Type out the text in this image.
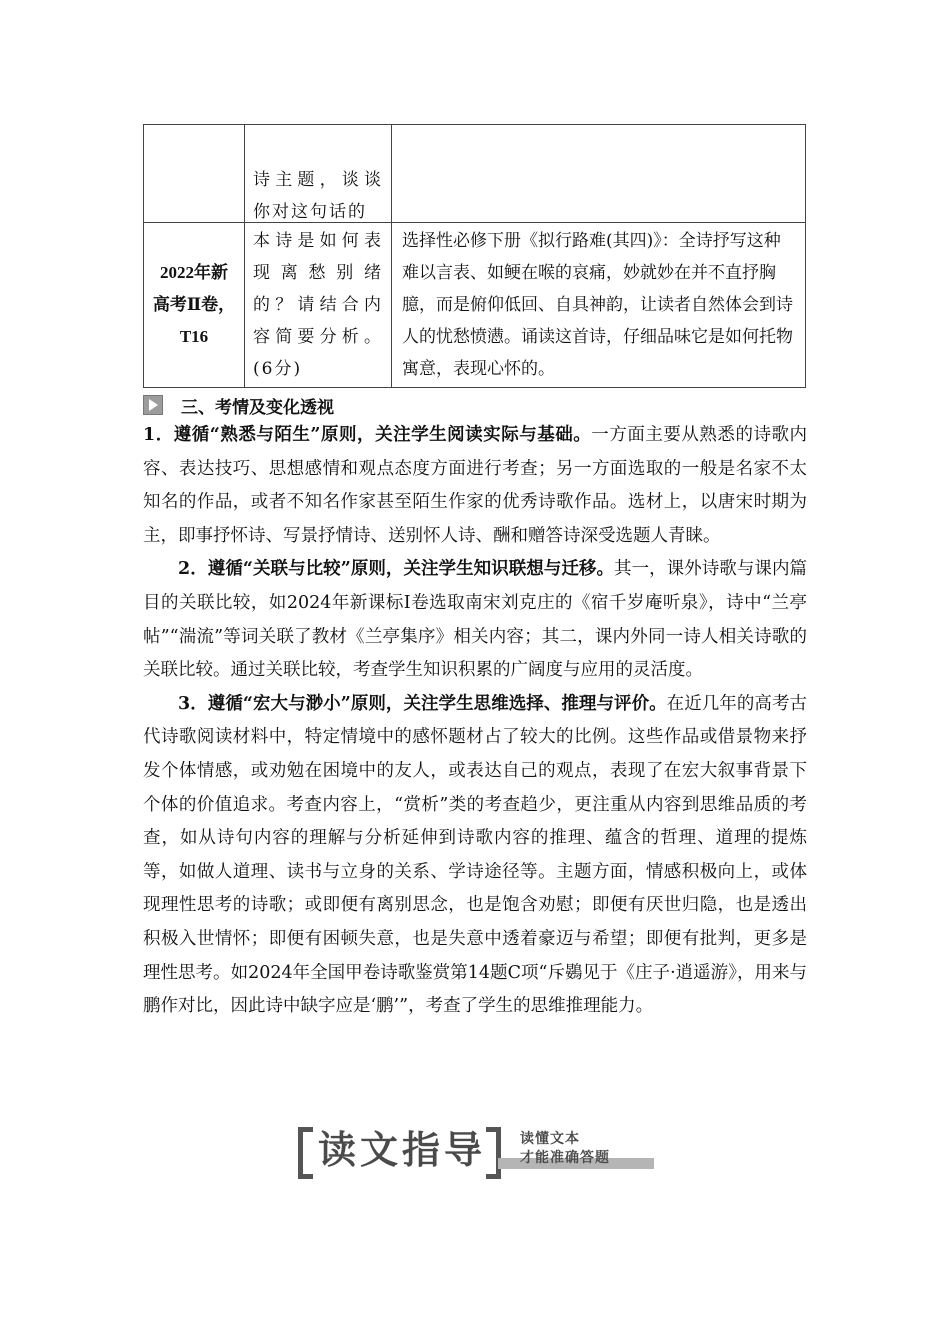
	诗主题，谈谈你对这句话的	

2022年新高考Ⅱ卷，T16	本诗是如何表现离愁别绪的？请结合内容简要分析。(6分)	选择性必修下册《拟行路难(其四)》：全诗抒写这种难以言表、如鲠在喉的哀痛，妙就妙在并不直抒胸臆，而是俯仰低回、自具神韵，让读者自然体会到诗人的忧愁愤懑。诵读这首诗，仔细品味它是如何托物寓意，表现心怀的。
三、考情及变化透视

1．遵循“熟悉与陌生”原则，关注学生阅读实际与基础。一方面主要从熟悉的诗歌内容、表达技巧、思想感情和观点态度方面进行考查；另一方面选取的一般是名家不太知名的作品，或者不知名作家甚至陌生作家的优秀诗歌作品。选材上，以唐宋时期为主，即事抒怀诗、写景抒情诗、送别怀人诗、酬和赠答诗深受选题人青睐。

2．遵循“关联与比较”原则，关注学生知识联想与迁移。其一，课外诗歌与课内篇目的关联比较，如2024年新课标Ⅰ卷选取南宋刘克庄的《宿千岁庵听泉》，诗中“兰亭帖”“湍流”等词关联了教材《兰亭集序》相关内容；其二，课内外同一诗人相关诗歌的关联比较。通过关联比较，考查学生知识积累的广阔度与应用的灵活度。

3．遵循“宏大与渺小”原则，关注学生思维选择、推理与评价。在近几年的高考古代诗歌阅读材料中，特定情境中的感怀题材占了较大的比例。这些作品或借景物来抒发个体情感，或劝勉在困境中的友人，或表达自己的观点，表现了在宏大叙事背景下个体的价值追求。考查内容上，“赏析”类的考查趋少，更注重从内容到思维品质的考查，如从诗句内容的理解与分析延伸到诗歌内容的推理、蕴含的哲理、道理的提炼等，如做人道理、读书与立身的关系、学诗途径等。主题方面，情感积极向上，或体现理性思考的诗歌；或即便有离别思念，也是饱含劝慰；即便有厌世归隐，也是透出积极入世情怀；即便有困顿失意，也是失意中透着豪迈与希望；即便有批判，更多是理性思考。如2024年全国甲卷诗歌鉴赏第14题C项“斥鷃见于《庄子·逍遥游》，用来与鹏作对比，因此诗中缺字应是‘鹏’”，考查了学生的思维推理能力。

读文指导 读懂文本
才能准确答题
